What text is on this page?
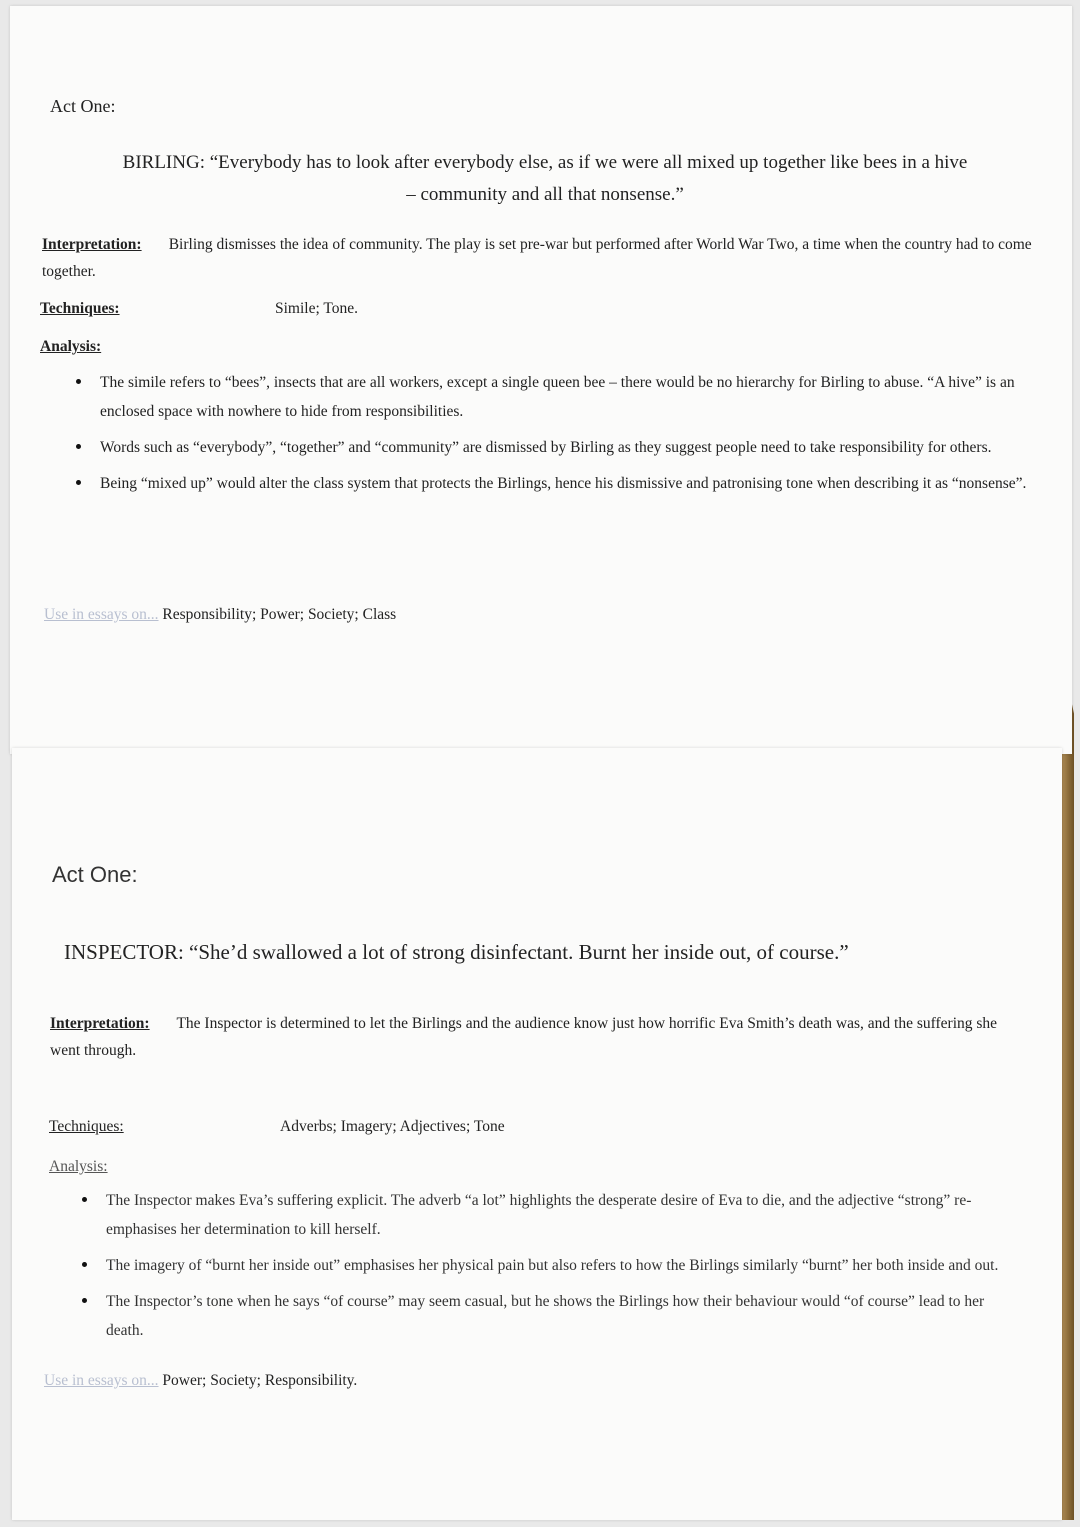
Act One:
BIRLING: “Everybody has to look after everybody else, as if we were all mixed up together like bees in a hive
– community and all that nonsense.”
Interpretation: Birling dismisses the idea of community. The play is set pre-war but performed after World War Two, a time when the country had to come together.
Techniques:	Simile; Tone.
Analysis:
The simile refers to “bees”, insects that are all workers, except a single queen bee – there would be no hierarchy for Birling to abuse. “A hive” is an enclosed space with nowhere to hide from responsibilities.
Words such as “everybody”, “together” and “community” are dismissed by Birling as they suggest people need to take responsibility for others.
Being “mixed up” would alter the class system that protects the Birlings, hence his dismissive and patronising tone when describing it as “nonsense”.
Use in essays on... Responsibility; Power; Society; Class
Act One:
INSPECTOR: “She’d swallowed a lot of strong disinfectant. Burnt her inside out, of course.”
Interpretation: The Inspector is determined to let the Birlings and the audience know just how horrific Eva Smith’s death was, and the suffering she went through.
Techniques:	Adverbs; Imagery; Adjectives; Tone
Analysis:
The Inspector makes Eva’s suffering explicit. The adverb “a lot” highlights the desperate desire of Eva to die, and the adjective “strong” re-emphasises her determination to kill herself.
The imagery of “burnt her inside out” emphasises her physical pain but also refers to how the Birlings similarly “burnt” her both inside and out.
The Inspector’s tone when he says “of course” may seem casual, but he shows the Birlings how their behaviour would “of course” lead to her death.
Use in essays on... Power; Society; Responsibility.
